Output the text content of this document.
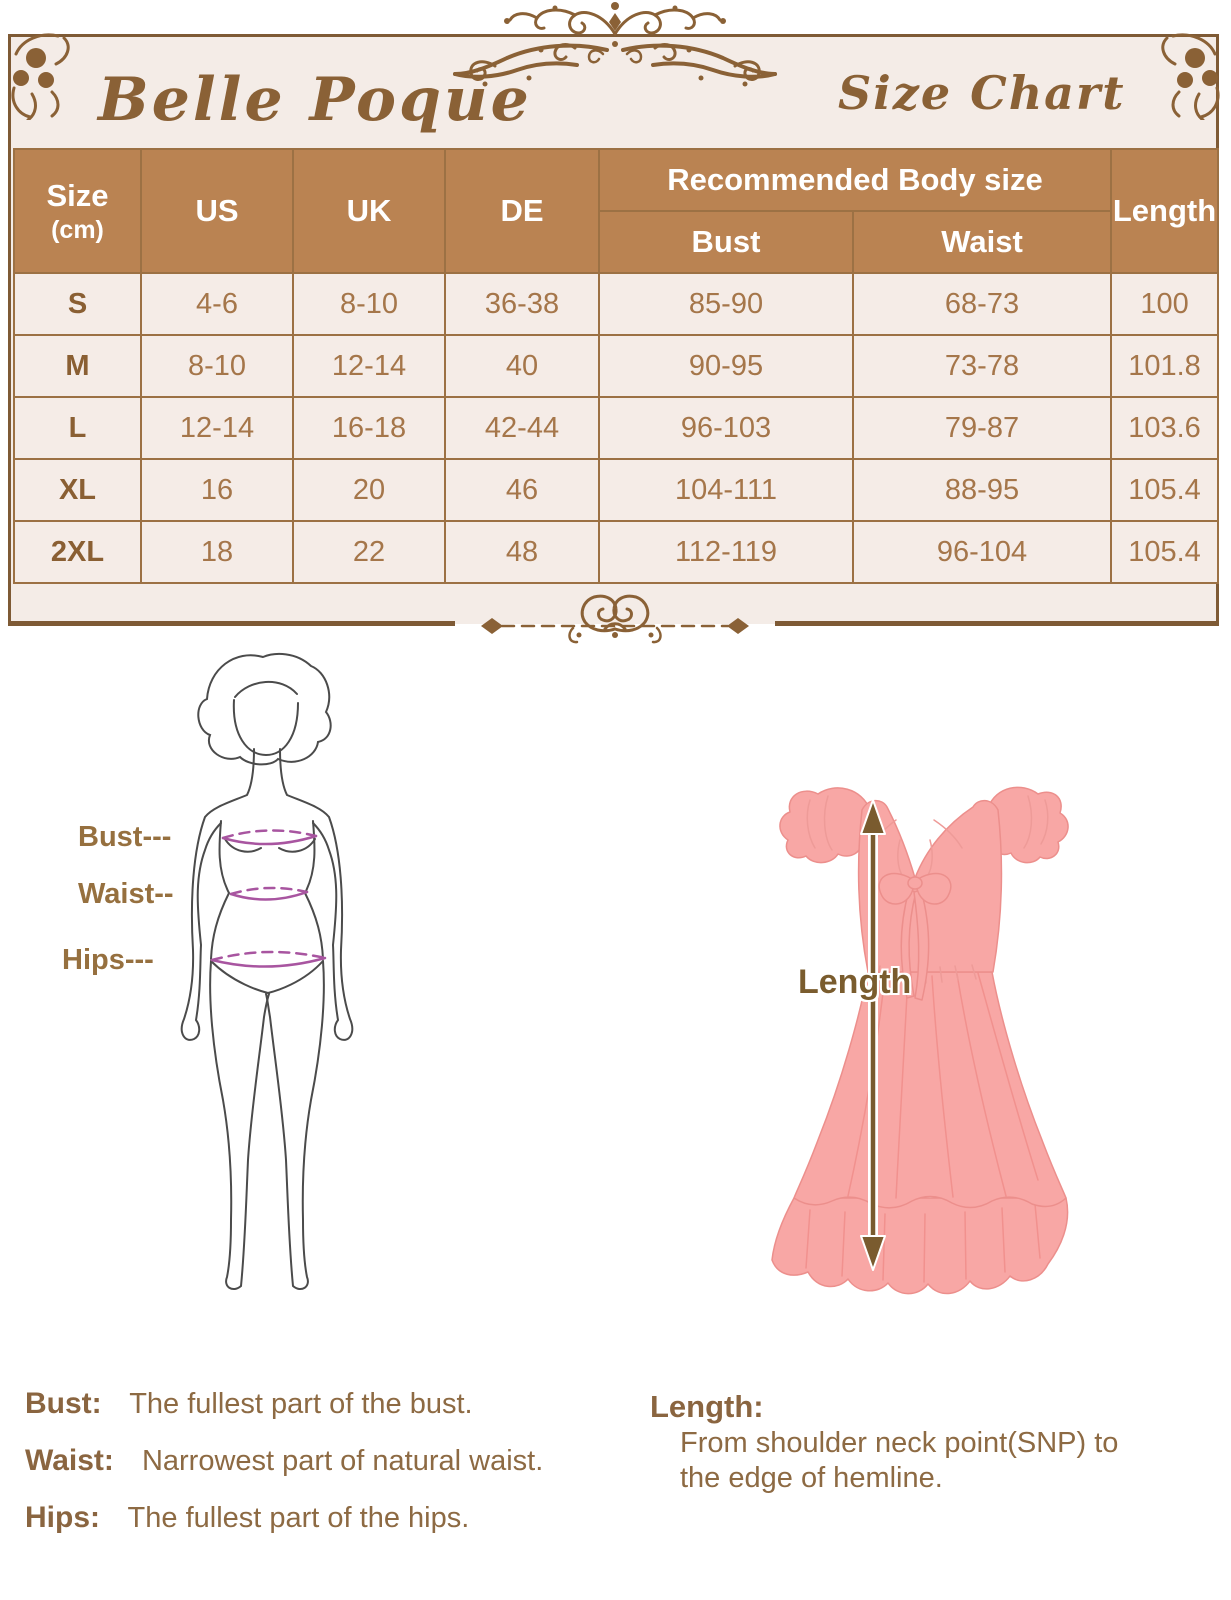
Belle Poque	Size Chart
Size
(cm)	US	UK	DE	Recommended Body size		Length
				Bust	Waist	
S	4-6	8-10	36-38	85-90	68-73	100
M	8-10	12-14	40	90-95	73-78	101.8
L	12-14	16-18	42-44	96-103	79-87	103.6
XL	16	20	46	104-111	88-95	105.4
2XL	18	22	48	112-119	96-104	105.4
Bust---
Waist--
Hips---
Length
Bust: The fullest part of the bust.
Waist: Narrowest part of natural waist.
Hips: The fullest part of the hips.
Length:
From shoulder neck point(SNP) to
the edge of hemline.
